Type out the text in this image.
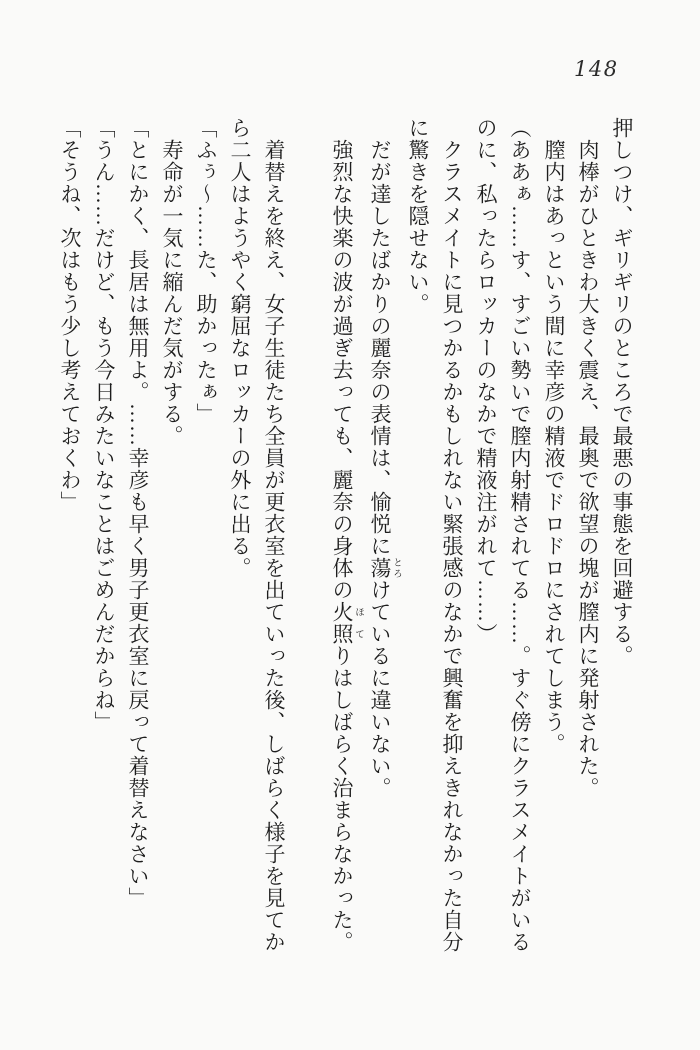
148

押しつけ、ギリギリのところで最悪の事態を回避する。

肉棒がひときわ大きく震え、最奥で欲望の塊が膣内に発射された。

膣内はあっという間に幸彦の精液でドロドロにされてしまう。

（ああぁ……す、すごい勢いで膣内射精されてる……。すぐ傍にクラスメイトがいるのに、私ったらロッカーのなかで精液注がれて……）

クラスメイトに見つかるかもしれない緊張感のなかで興奮を抑えきれなかった自分に驚きを隠せない。

だが達したばかりの麗奈の表情は、愉悦に蕩 とろけているに違いない。

強烈な快楽の波が過ぎ去っても、麗奈の身体の火 ほ照 てりはしばらく治まらなかった。

着替えを終え、女子生徒たち全員が更衣室を出ていった後、しばらく様子を見てから二人はようやく窮屈なロッカーの外に出る。

「ふぅ～……た、助かったぁ」

寿命が一気に縮んだ気がする。

「とにかく、長居は無用よ。……幸彦も早く男子更衣室に戻って着替えなさい」

「うん……だけど、もう今日みたいなことはごめんだからね」

「そうね、次はもう少し考えておくわ」
